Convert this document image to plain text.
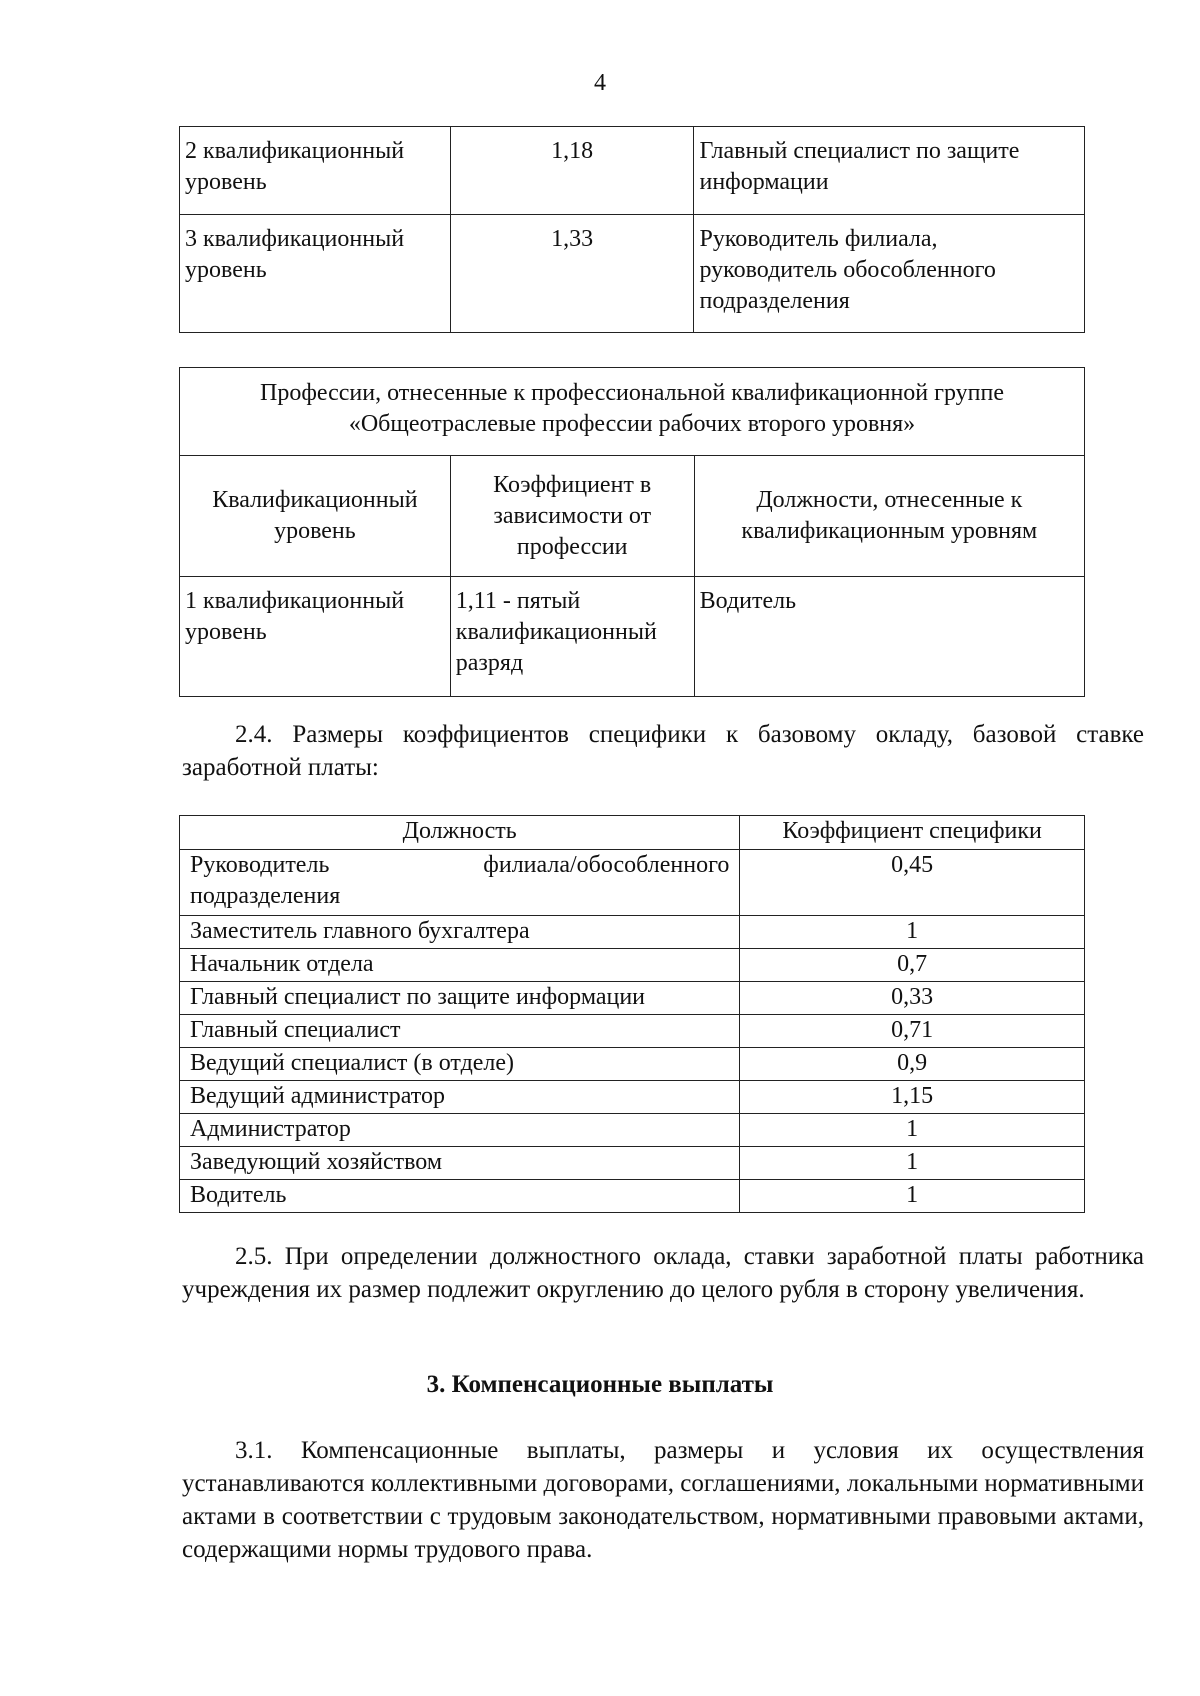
4
2 квалификационный уровень	1,18	Главный специалист по защите информации
3 квалификационный уровень	1,33	Руководитель филиала, руководитель обособленного подразделения
Профессии, отнесенные к профессиональной квалификационной группе «Общеотраслевые профессии рабочих второго уровня»		
Квалификационный уровень	Коэффициент в зависимости от профессии	Должности, отнесенные к квалификационным уровням
1 квалификационный уровень	1,11 - пятый квалификационный разряд	Водитель

2.4. Размеры коэффициентов специфики к базовому окладу, базовой ставке заработной платы:

Должность	Коэффициент специфики
Руководитель филиала/обособленного подразделения	0,45
Заместитель главного бухгалтера	1
Начальник отдела	0,7
Главный специалист по защите информации	0,33
Главный специалист	0,71
Ведущий специалист (в отделе)	0,9
Ведущий администратор	1,15
Администратор	1
Заведующий хозяйством	1
Водитель	1

2.5. При определении должностного оклада, ставки заработной платы работника учреждения их размер подлежит округлению до целого рубля в сторону увеличения.

3. Компенсационные выплаты

3.1. Компенсационные выплаты, размеры и условия их осуществления устанавливаются коллективными договорами, соглашениями, локальными нормативными актами в соответствии с трудовым законодательством, нормативными правовыми актами, содержащими нормы трудового права.
